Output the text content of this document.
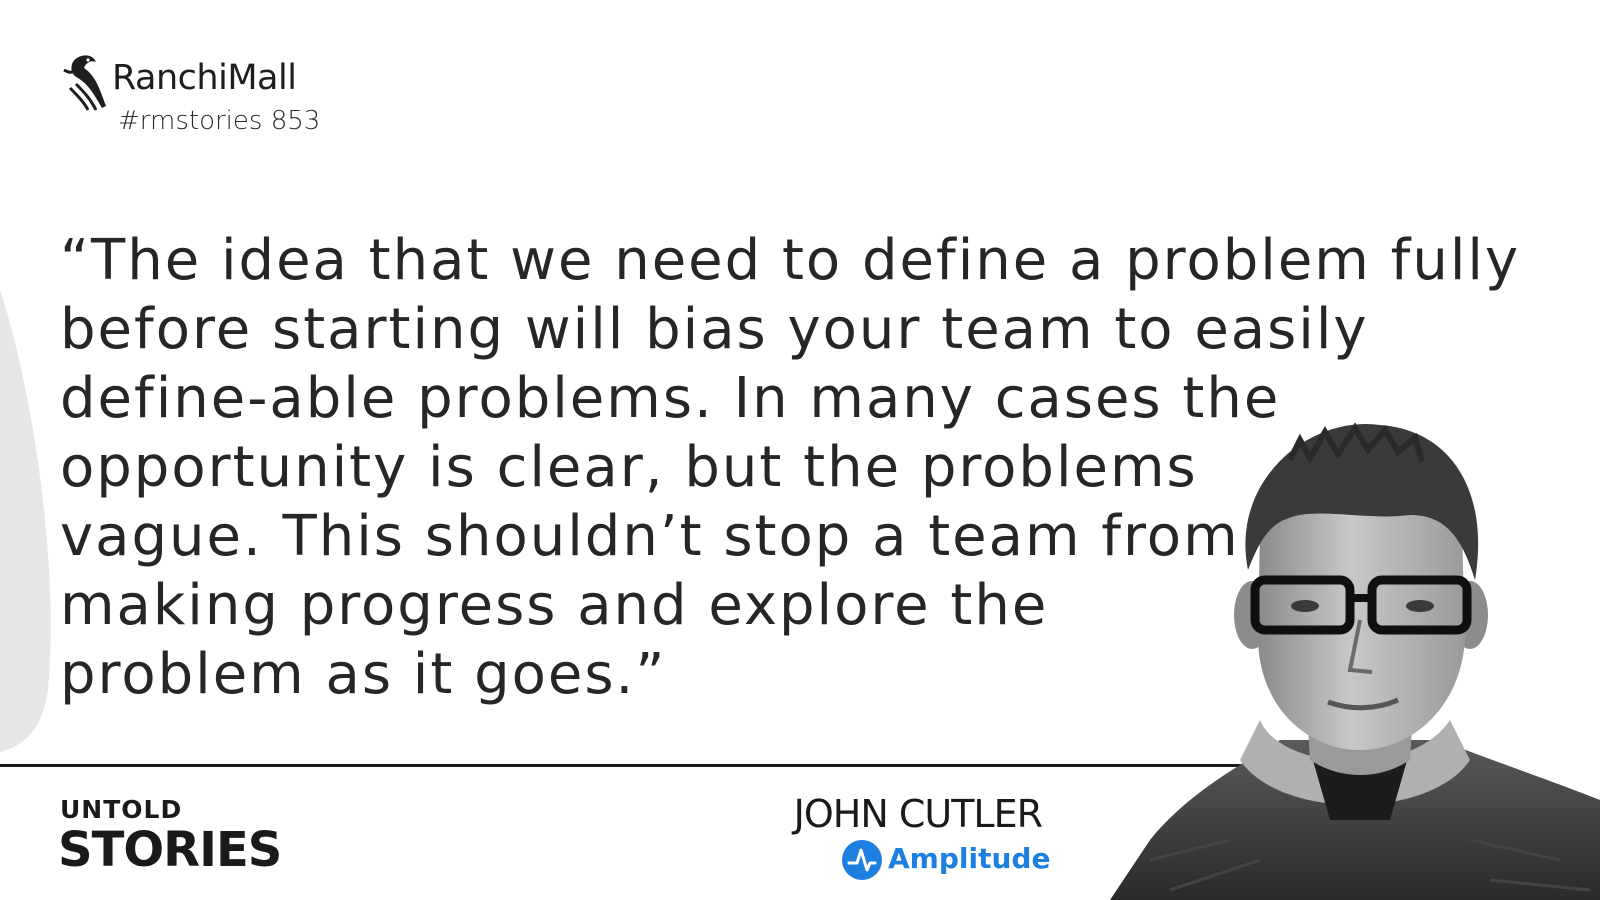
RanchiMall
#rmstories 853
“The idea that we need to define a problem fully
before starting will bias your team to easily
define-able problems. In many cases the
opportunity is clear, but the problems
vague. This shouldn’t stop a team from
making progress and explore the
problem as it goes.”
UNTOLD
STORIES
JOHN CUTLER
Amplitude
